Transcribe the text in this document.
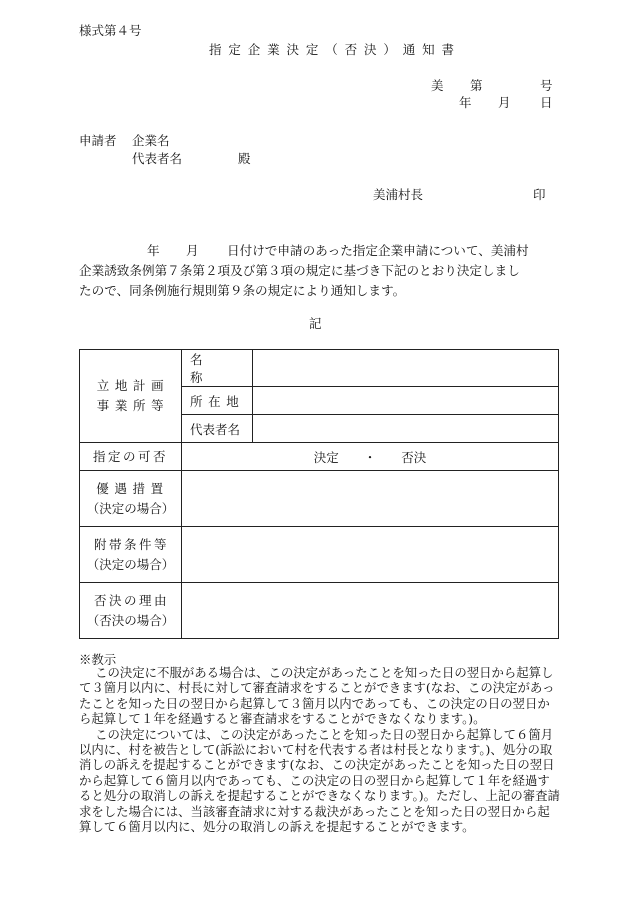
様式第４号
指定企業決定（否決）通知書
美 第	号
年 月 日
申請者 企業名
代表者名	殿
美浦村長	印
年 月 日付けで申請のあった指定企業申請について、美浦村
企業誘致条例第７条第２項及び第３項の規定に基づき下記のとおり決定しまし
たので、同条例施行規則第９条の規定により通知します。
記
立地計画
事業所等	名称	
	所在地	
	代表者名	
指定の可否	決定　　・　　否決	

優遇措置
（決定の場合）		

附帯条件等
（決定の場合）		

否決の理由
（否決の場合）		

※教示

この決定に不服がある場合は、この決定があったことを知った日の翌日から起算して３箇月以内に、村長に対して審査請求をすることができます(なお、この決定があったことを知った日の翌日から起算して３箇月以内であっても、この決定の日の翌日から起算して１年を経過すると審査請求をすることができなくなります。)。

この決定については、この決定があったことを知った日の翌日から起算して６箇月以内に、村を被告として(訴訟において村を代表する者は村長となります。)、処分の取消しの訴えを提起することができます(なお、この決定があったことを知った日の翌日から起算して６箇月以内であっても、この決定の日の翌日から起算して１年を経過すると処分の取消しの訴えを提起することができなくなります。)。ただし、上記の審査請求をした場合には、当該審査請求に対する裁決があったことを知った日の翌日から起算して６箇月以内に、処分の取消しの訴えを提起することができます。
